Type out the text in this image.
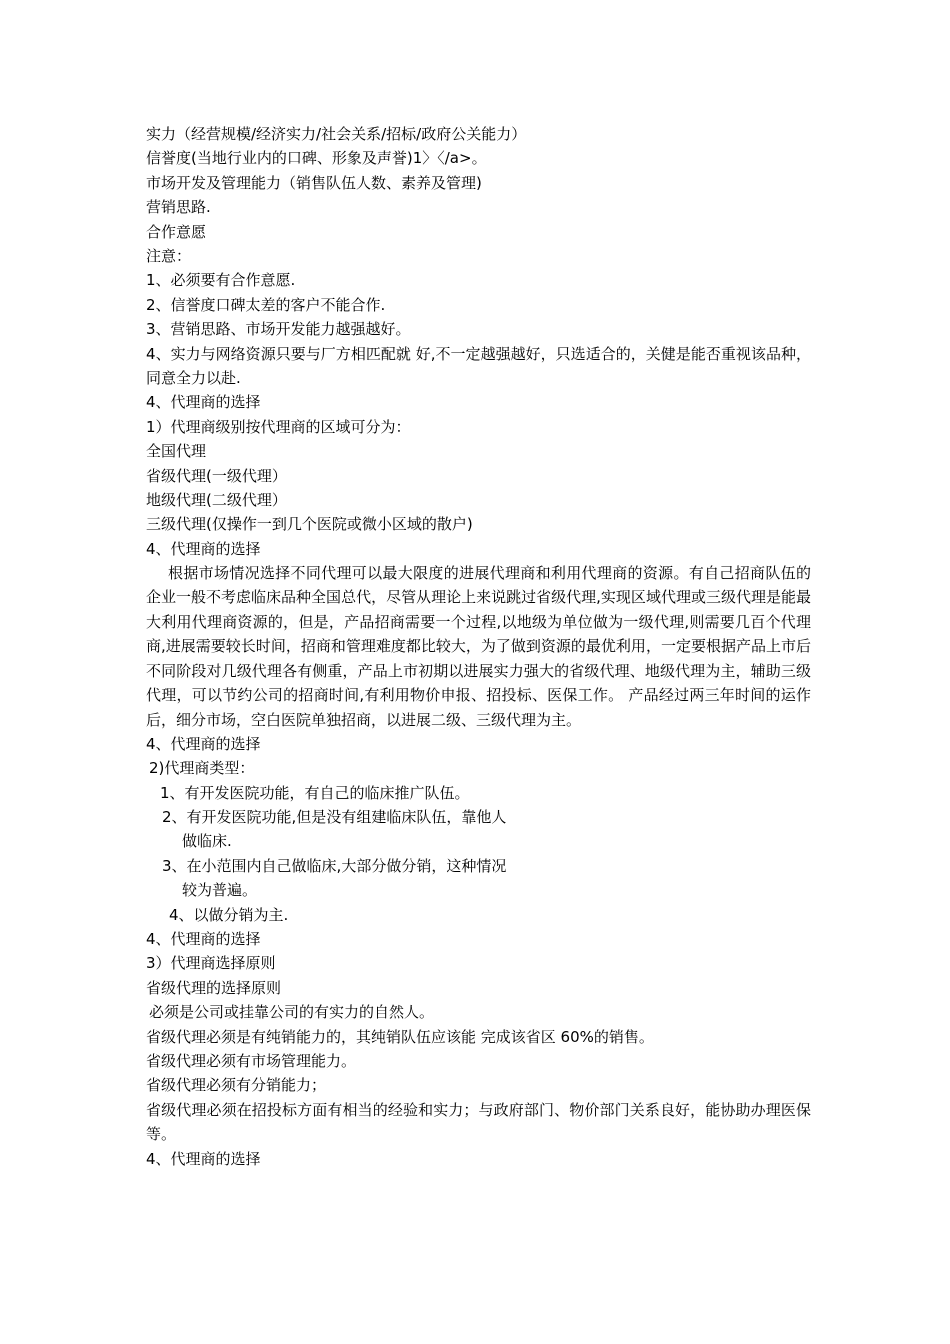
实力（经营规模/经济实力/社会关系/招标/政府公关能力）
信誉度(当地行业内的口碑、形象及声誉)1〉〈/a>。
市场开发及管理能力（销售队伍人数、素养及管理)
营销思路.
合作意愿
注意：
1、必须要有合作意愿.
2、信誉度口碑太差的客户不能合作.
3、营销思路、市场开发能力越强越好。
4、实力与网络资源只要与厂方相匹配就 好,不一定越强越好，只选适合的，关健是能否重视该品种，同意全力以赴.
4、代理商的选择
1）代理商级别按代理商的区域可分为：
全国代理
省级代理(一级代理）
地级代理(二级代理）
三级代理(仅操作一到几个医院或微小区域的散户)
4、代理商的选择
根据市场情况选择不同代理可以最大限度的进展代理商和利用代理商的资源。有自己招商队伍的企业一般不考虑临床品种全国总代，尽管从理论上来说跳过省级代理,实现区域代理或三级代理是能最大利用代理商资源的，但是，产品招商需要一个过程,以地级为单位做为一级代理,则需要几百个代理商,进展需要较长时间，招商和管理难度都比较大，为了做到资源的最优利用，一定要根据产品上市后不同阶段对几级代理各有侧重，产品上市初期以进展实力强大的省级代理、地级代理为主，辅助三级代理，可以节约公司的招商时间,有利用物价申报、招投标、医保工作。 产品经过两三年时间的运作后，细分市场，空白医院单独招商，以进展二级、三级代理为主。
4、代理商的选择
2)代理商类型：
1、有开发医院功能，有自己的临床推广队伍。
2、有开发医院功能,但是没有组建临床队伍，靠他人
做临床.
3、在小范围内自己做临床,大部分做分销，这种情况
较为普遍。
4、以做分销为主.
4、代理商的选择
3）代理商选择原则
省级代理的选择原则
必须是公司或挂靠公司的有实力的自然人。
省级代理必须是有纯销能力的，其纯销队伍应该能 完成该省区 60%的销售。
省级代理必须有市场管理能力。
省级代理必须有分销能力；
省级代理必须在招投标方面有相当的经验和实力；与政府部门、物价部门关系良好，能协助办理医保等。
4、代理商的选择
